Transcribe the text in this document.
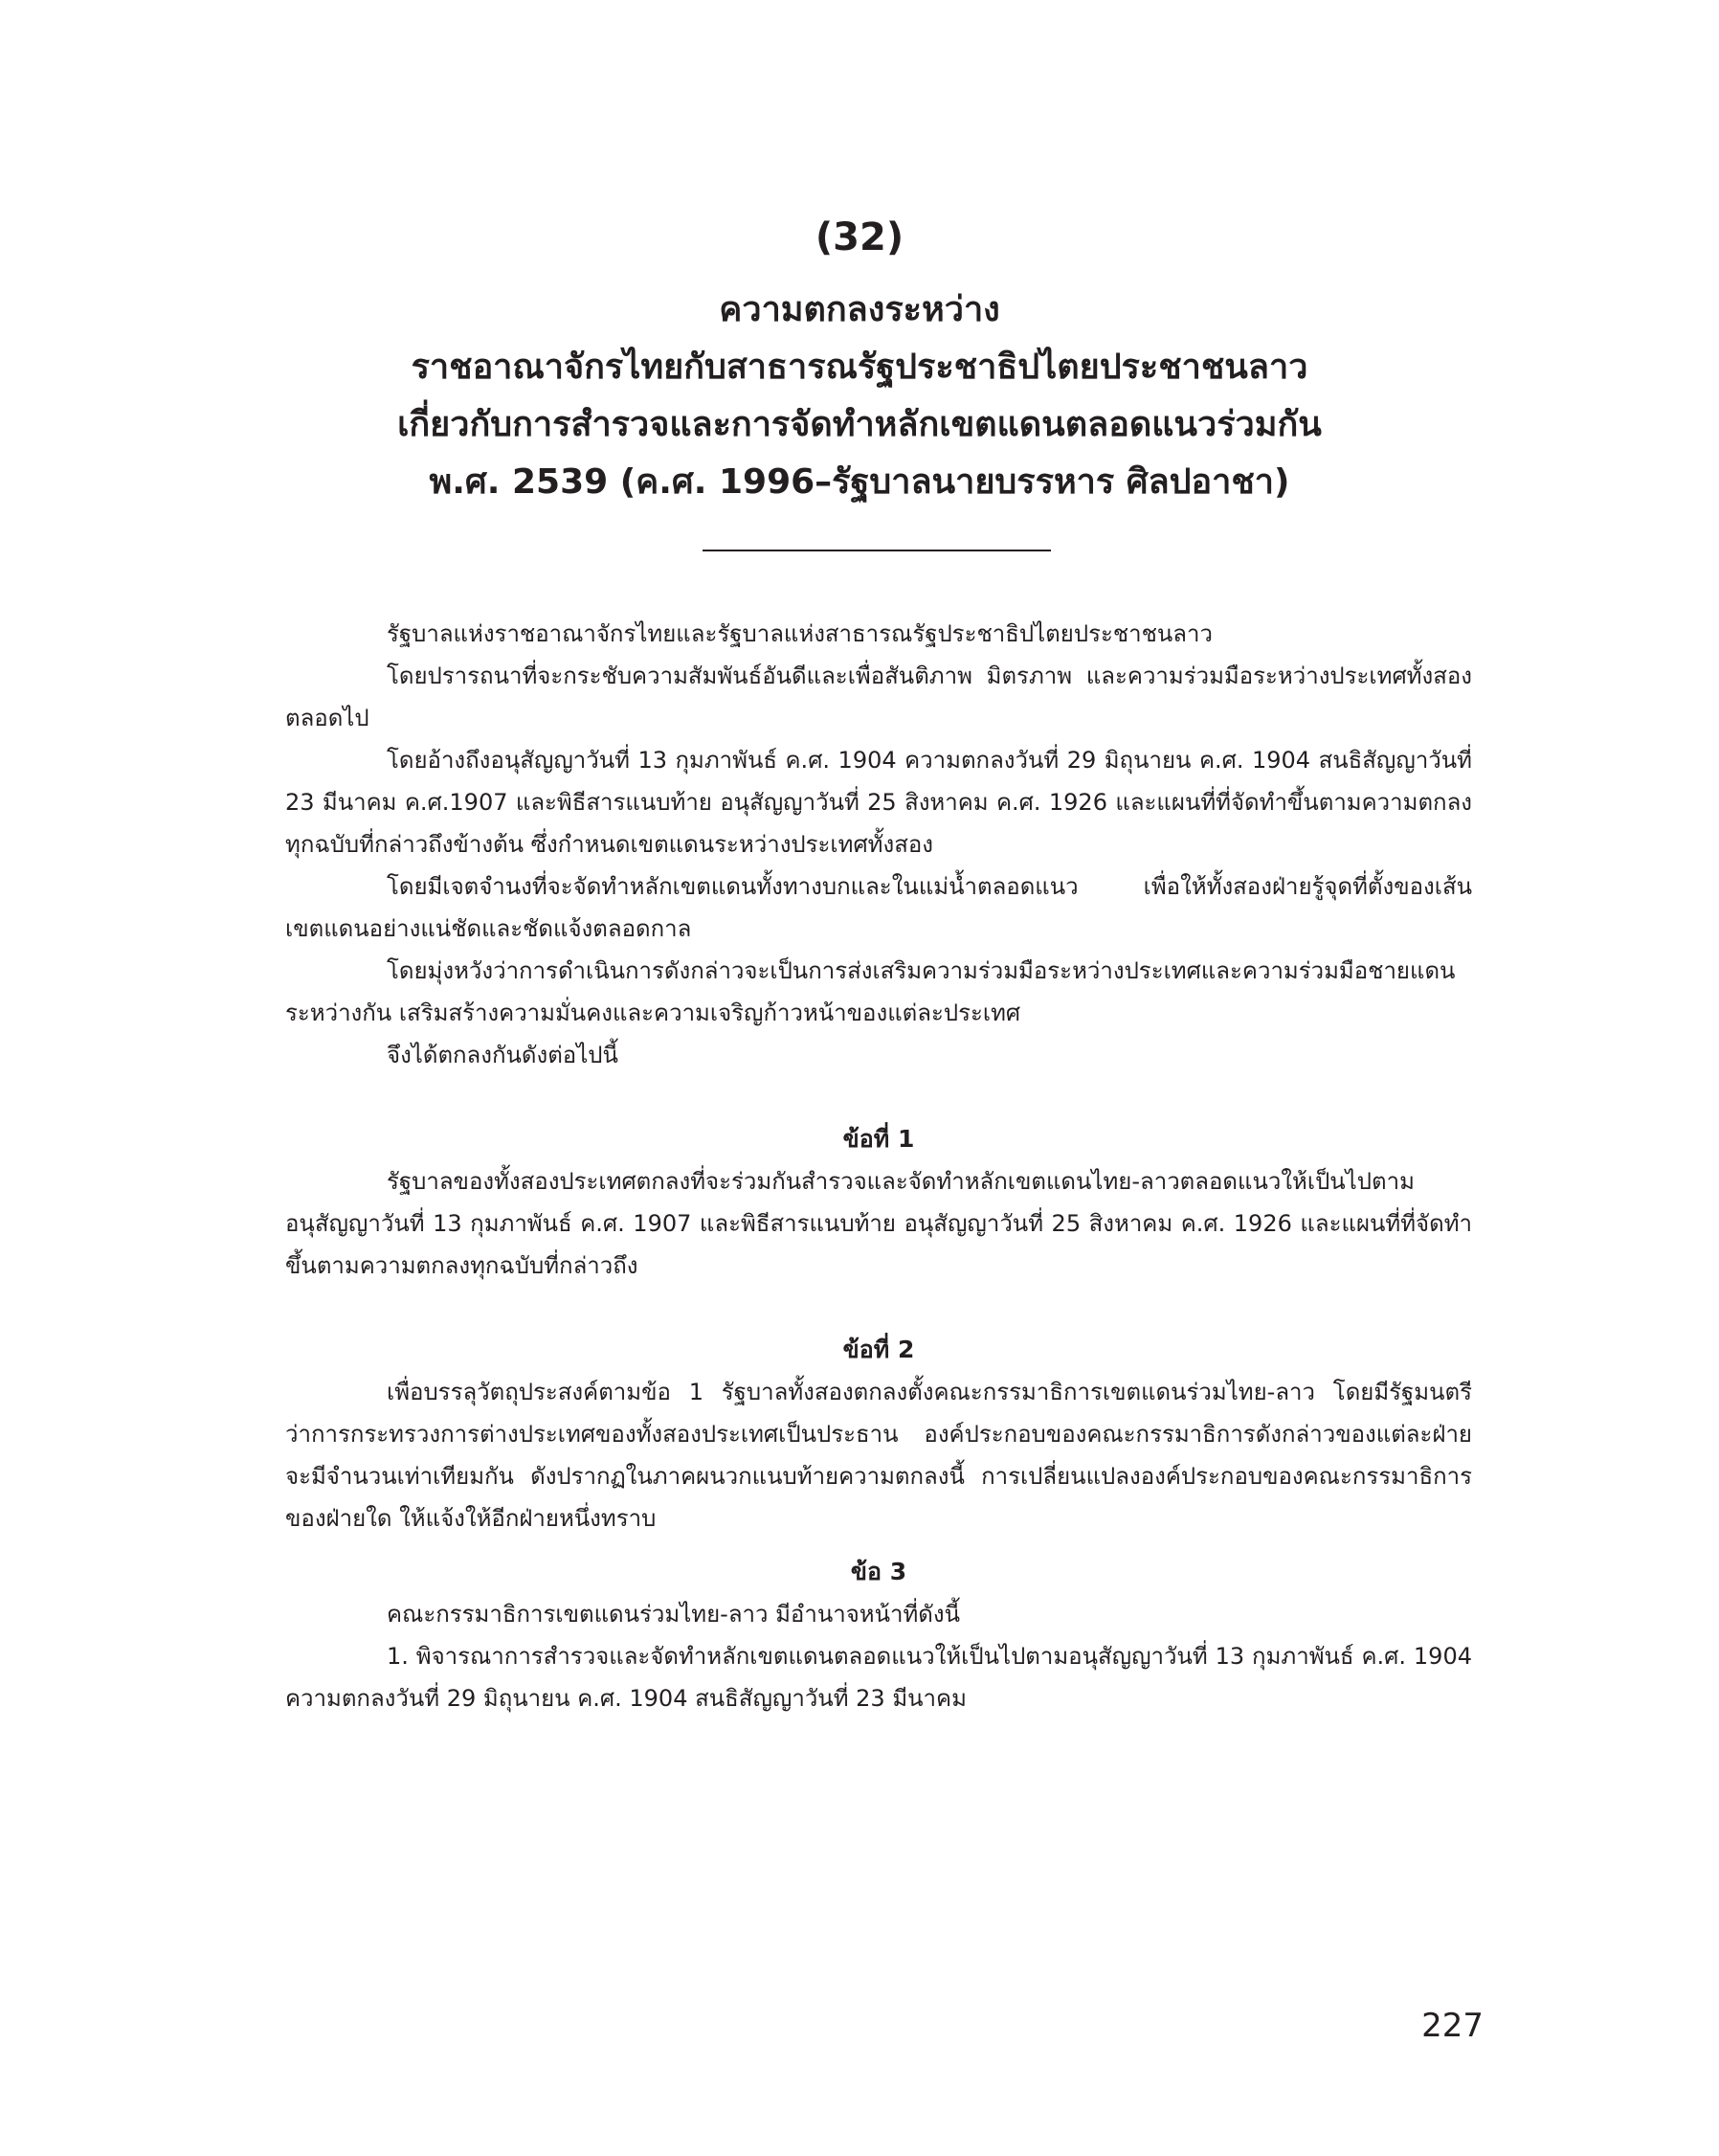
(32)
ความตกลงระหว่าง
ราชอาณาจักรไทยกับสาธารณรัฐประชาธิปไตยประชาชนลาว
เกี่ยวกับการสำรวจและการจัดทำหลักเขตแดนตลอดแนวร่วมกัน
พ.ศ. 2539 (ค.ศ. 1996–รัฐบาลนายบรรหาร ศิลปอาชา)

รัฐบาลแห่งราชอาณาจักรไทยและรัฐบาลแห่งสาธารณรัฐประชาธิปไตยประชาชนลาว

โดยปรารถนาที่จะกระชับความสัมพันธ์อันดีและเพื่อสันติภาพ มิตรภาพ และความร่วมมือระหว่างประเทศทั้งสองตลอดไป

โดยอ้างถึงอนุสัญญาวันที่ 13 กุมภาพันธ์ ค.ศ. 1904 ความตกลงวันที่ 29 มิถุนายน ค.ศ. 1904 สนธิสัญญาวันที่ 23 มีนาคม ค.ศ.1907 และพิธีสารแนบท้าย อนุสัญญาวันที่ 25 สิงหาคม ค.ศ. 1926 และแผนที่ที่จัดทำขึ้นตามความตกลงทุกฉบับที่กล่าวถึงข้างต้น ซึ่งกำหนดเขตแดนระหว่างประเทศทั้งสอง

โดยมีเจตจำนงที่จะจัดทำหลักเขตแดนทั้งทางบกและในแม่น้ำตลอดแนว เพื่อให้ทั้งสองฝ่ายรู้จุดที่ตั้งของเส้นเขตแดนอย่างแน่ชัดและชัดแจ้งตลอดกาล

โดยมุ่งหวังว่าการดำเนินการดังกล่าวจะเป็นการส่งเสริมความร่วมมือระหว่างประเทศและความร่วมมือชายแดนระหว่างกัน เสริมสร้างความมั่นคงและความเจริญก้าวหน้าของแต่ละประเทศ

จึงได้ตกลงกันดังต่อไปนี้

ข้อที่ 1

รัฐบาลของทั้งสองประเทศตกลงที่จะร่วมกันสำรวจและจัดทำหลักเขตแดนไทย-ลาวตลอดแนวให้เป็นไปตามอนุสัญญาวันที่ 13 กุมภาพันธ์ ค.ศ. 1907 และพิธีสารแนบท้าย อนุสัญญาวันที่ 25 สิงหาคม ค.ศ. 1926 และแผนที่ที่จัดทำขึ้นตามความตกลงทุกฉบับที่กล่าวถึง

ข้อที่ 2

เพื่อบรรลุวัตถุประสงค์ตามข้อ 1 รัฐบาลทั้งสองตกลงตั้งคณะกรรมาธิการเขตแดนร่วมไทย-ลาว โดยมีรัฐมนตรีว่าการกระทรวงการต่างประเทศของทั้งสองประเทศเป็นประธาน องค์ประกอบของคณะกรรมาธิการดังกล่าวของแต่ละฝ่ายจะมีจำนวนเท่าเทียมกัน ดังปรากฏในภาคผนวกแนบท้ายความตกลงนี้ การเปลี่ยนแปลงองค์ประกอบของคณะกรรมาธิการของฝ่ายใด ให้แจ้งให้อีกฝ่ายหนึ่งทราบ

ข้อ 3

คณะกรรมาธิการเขตแดนร่วมไทย-ลาว มีอำนาจหน้าที่ดังนี้

1. พิจารณาการสำรวจและจัดทำหลักเขตแดนตลอดแนวให้เป็นไปตามอนุสัญญาวันที่ 13 กุมภาพันธ์ ค.ศ. 1904 ความตกลงวันที่ 29 มิถุนายน ค.ศ. 1904 สนธิสัญญาวันที่ 23 มีนาคม

227
